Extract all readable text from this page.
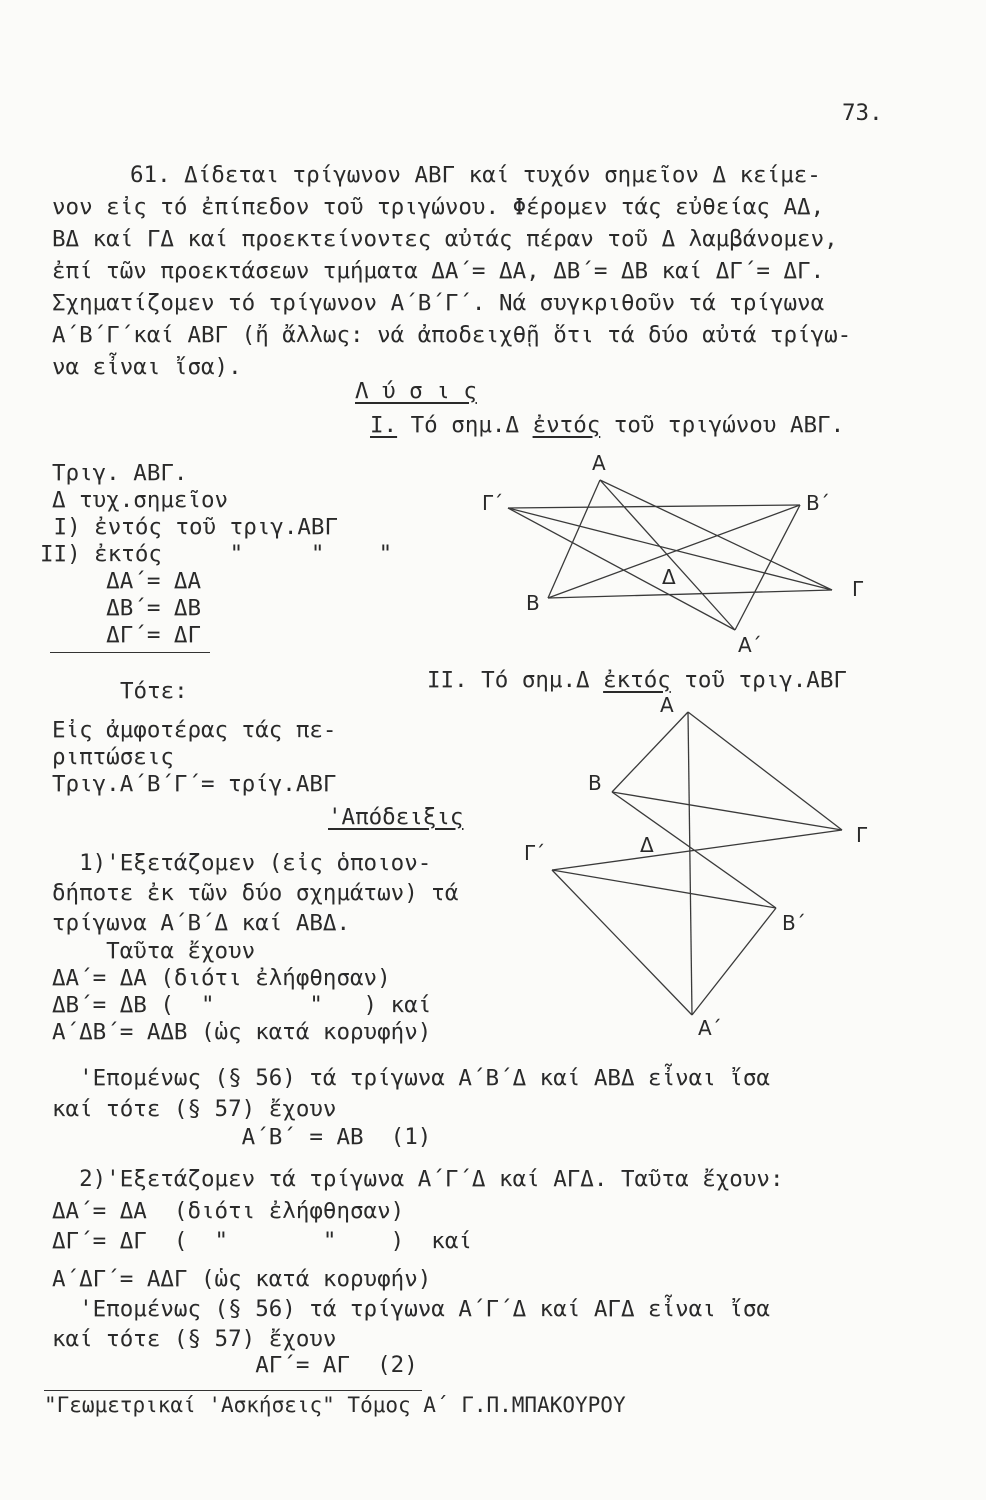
73.
61. Δίδεται τρίγωνον ΑΒΓ καί τυχόν σημεῖον Δ κείμε-
νον εἰς τό ἐπίπεδον τοῦ τριγώνου. Φέρομεν τάς εὐθείας ΑΔ,
ΒΔ καί ΓΔ καί προεκτείνοντες αὐτάς πέραν τοῦ Δ λαμβάνομεν,
ἐπί τῶν προεκτάσεων τμήματα ΔΑ΄= ΔΑ, ΔΒ΄= ΔΒ καί ΔΓ΄= ΔΓ.
Σχηματίζομεν τό τρίγωνον Α΄Β΄Γ΄. Νά συγκριθοῦν τά τρίγωνα
Α΄Β΄Γ΄καί ΑΒΓ (ἤ ἄλλως: νά ἀποδειχθῇ ὅτι τά δύο αὐτά τρίγω-
να εἶναι ἴσα).
Λ ύ σ ι ς
Ι. Τό σημ.Δ ἐντός τοῦ τριγώνου ΑΒΓ.
Τριγ. ΑΒΓ.
Δ τυχ.σημεῖον
Ι) ἐντός τοῦ τριγ.ΑΒΓ
ΙΙ) ἐκτός     "     "    "
ΔΑ΄= ΔΑ
ΔΒ΄= ΔΒ
ΔΓ΄= ΔΓ
Τότε:
Εἰς ἀμφοτέρας τάς πε-
ριπτώσεις
Τριγ.Α΄Β΄Γ΄= τρίγ.ΑΒΓ
ΙΙ. Τό σημ.Δ ἐκτός τοῦ τριγ.ΑΒΓ
'Απόδειξις
1)'Εξετάζομεν (εἰς ὁποιον-
δήποτε ἐκ τῶν δύο σχημάτων) τά
τρίγωνα Α΄Β΄Δ καί ΑΒΔ.
Ταῦτα ἔχουν
ΔΑ΄= ΔΑ (διότι ἐλήφθησαν)
ΔΒ΄= ΔΒ (  "       "   ) καί
Α΄ΔΒ΄= ΑΔΒ (ὡς κατά κορυφήν)
'Επομένως (§ 56) τά τρίγωνα Α΄Β΄Δ καί ΑΒΔ εἶναι ἴσα
καί τότε (§ 57) ἔχουν
Α΄Β΄ = ΑΒ  (1)
2)'Εξετάζομεν τά τρίγωνα Α΄Γ΄Δ καί ΑΓΔ. Ταῦτα ἔχουν:
ΔΑ΄= ΔΑ  (διότι ἐλήφθησαν)
ΔΓ΄= ΔΓ  (  "       "    )  καί
Α΄ΔΓ΄= ΑΔΓ (ὡς κατά κορυφήν)
'Επομένως (§ 56) τά τρίγωνα Α΄Γ΄Δ καί ΑΓΔ εἶναι ἴσα
καί τότε (§ 57) ἔχουν
ΑΓ΄= ΑΓ  (2)
"Γεωμετρικαί 'Ασκήσεις" Τόμος Α΄ Γ.Π.ΜΠΑΚΟΥΡΟΥ
Α
Β
Γ
Δ
Α΄
Β΄
Γ΄
Α
Β
Γ
Δ
Α΄
Β΄
Γ΄
